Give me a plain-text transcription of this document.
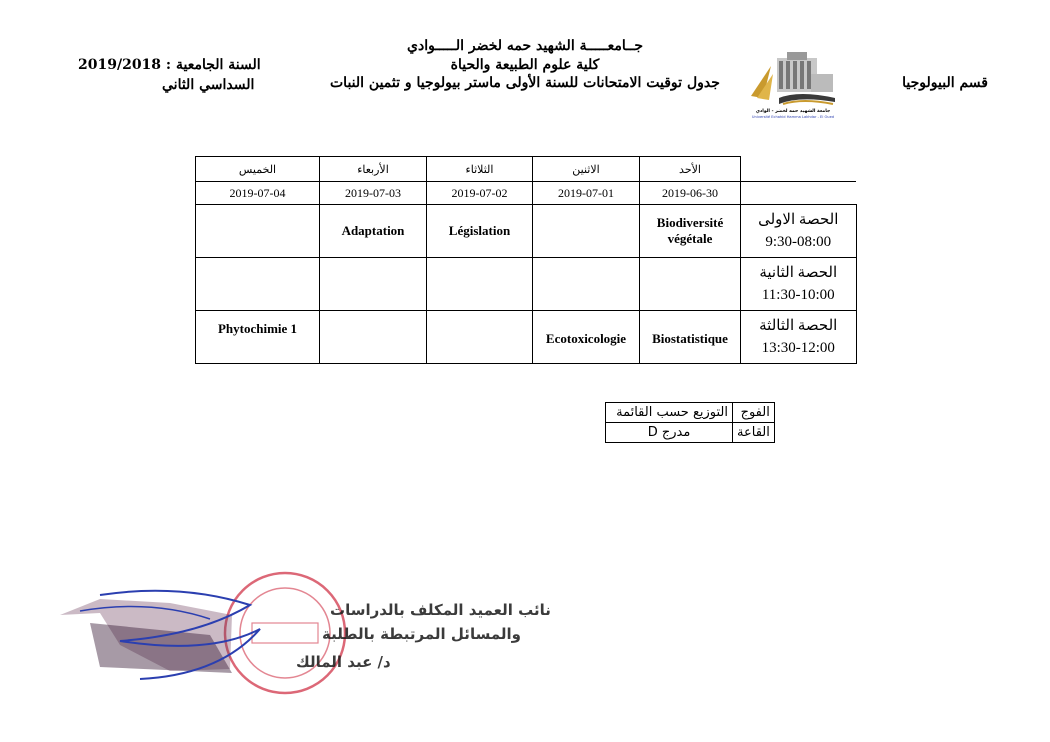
جــامعـــــة الشهيد حمه لخضر الـــــوادي
كلية علوم الطبيعة والحياة
جدول توقيت الامتحانات للسنة الأولى ماستر بيولوجيا و تثمين النبات	قسم البيولوجيا
2019/2018 السنة الجامعية :
السداسي الثاني
جامعة الشهيد حمه لخضر - الوادي
Université Echahid Hamma Lakhdar - El Oued
الخميس	الأربعاء	الثلاثاء	الاثنين	الأحد	
2019-07-04	2019-07-03	2019-07-02	2019-07-01	2019-06-30	
	Adaptation	Législation		Biodiversité végétale	الحصة الاولى
9:30-08:00

					الحصة الثانية
11:30-10:00

Phytochimie 1			Ecotoxicologie	Biostatistique	الحصة الثالثة
13:30-12:00
الفوج	التوزيع حسب القائمة
القاعة	مدرج D
نائب العميد المكلف بالدراسات
والمسائل المرتبطة بالطلبة
د/ عبد المالك
